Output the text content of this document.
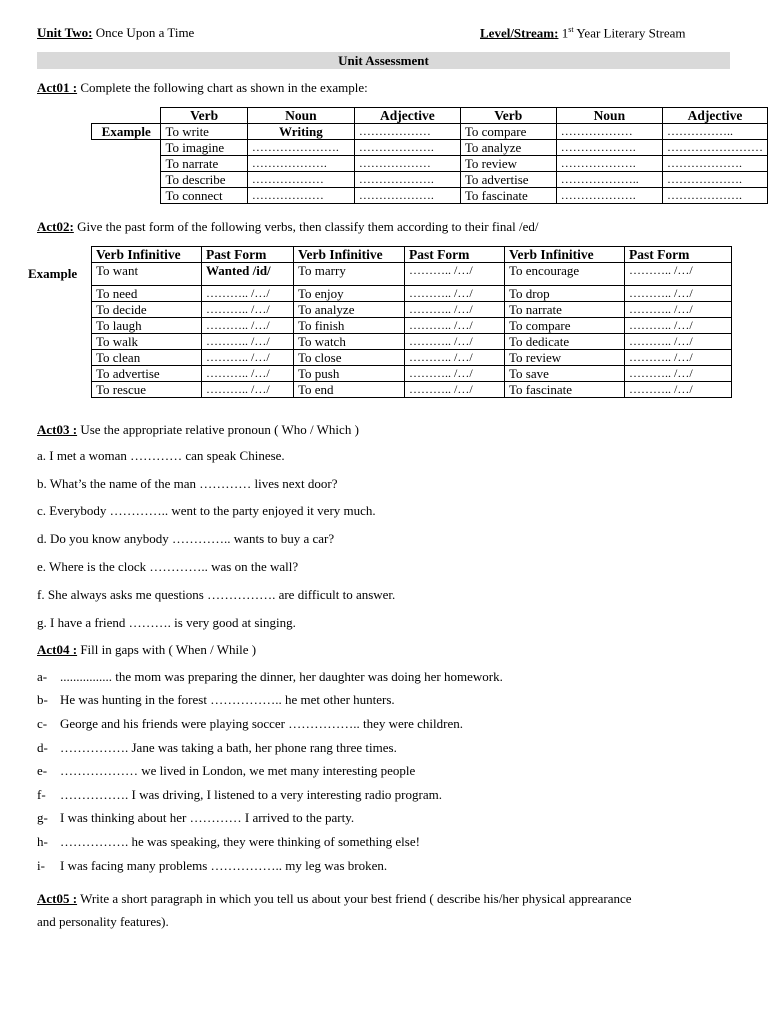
Unit Two: Once Upon a Time	Level/Stream: 1st Year Literary Stream
Unit Assessment
Act01 : Complete the following chart as shown in the example:
	Verb	Noun	Adjective	Verb	Noun	Adjective
Example	To write	Writing	………………	To compare	………………	……………..
	To imagine	………………….	……………….	To analyze	……………….	……………………
	To narrate	……………….	………………	To review	……………….	……………….
	To describe	………………	……………….	To advertise	………………..	……………….
	To connect	………………	……………….	To fascinate	……………….	……………….
Act02: Give the past form of the following verbs, then classify them according to their final /ed/
Example
Verb Infinitive	Past Form	Verb Infinitive	Past Form	Verb Infinitive	Past Form
To want	Wanted /id/	To marry	……….. /…/	To encourage	……….. /…/
To need	……….. /…/	To enjoy	……….. /…/	To drop	……….. /…/
To decide	……….. /…/	To analyze	……….. /…/	To narrate	……….. /…/
To laugh	……….. /…/	To finish	……….. /…/	To compare	……….. /…/
To walk	……….. /…/	To watch	……….. /…/	To dedicate	……….. /…/
To clean	……….. /…/	To close	……….. /…/	To review	……….. /…/
To advertise	……….. /…/	To push	……….. /…/	To save	……….. /…/
To rescue	……….. /…/	To end	……….. /…/	To fascinate	……….. /…/
Act03 : Use the appropriate relative pronoun ( Who / Which )
a. I met a woman ………… can speak Chinese.
b. What’s the name of the man ………… lives next door?
c. Everybody ………….. went to the party enjoyed it very much.
d. Do you know anybody ………….. wants to buy a car?
e. Where is the clock ………….. was on the wall?
f. She always asks me questions ……………. are difficult to answer.
g. I have a friend ………. is very good at singing.
Act04 : Fill in gaps with ( When / While )
a- ................ the mom was preparing the dinner, her daughter was doing her homework.
b- He was hunting in the forest …………….. he met other hunters.
c- George and his friends were playing soccer …………….. they were children.
d- ……………. Jane was taking a bath, her phone rang three times.
e- ……………… we lived in London, we met many interesting people
f- ……………. I was driving, I listened to a very interesting radio program.
g- I was thinking about her ………… I arrived to the party.
h- ……………. he was speaking, they were thinking of something else!
i- I was facing many problems …………….. my leg was broken.
Act05 : Write a short paragraph in which you tell us about your best friend ( describe his/her physical apprearance
and personality features).
